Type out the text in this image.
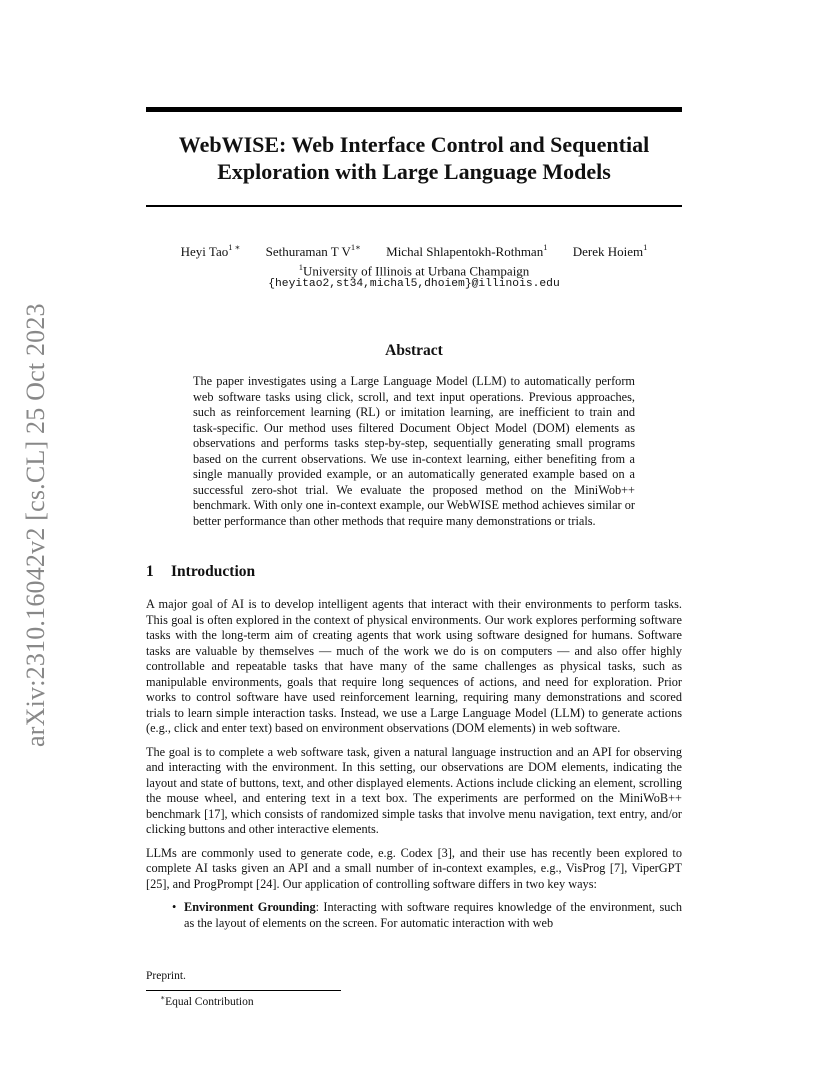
arXiv:2310.16042v2 [cs.CL] 25 Oct 2023
WebWISE: Web Interface Control and Sequential
Exploration with Large Language Models
Heyi Tao$^{1 ∗}$ Sethuraman T $V^{1∗}$ Michal Shlapentokh-Rothman$^1$ Derek Hoiem$^1$
$^1$University of Illinois at Urbana Champaign
{heyitao2,st34,michal5,dhoiem}@illinois.edu
Abstract
The paper investigates using a Large Language Model (LLM) to automatically perform web software tasks using click, scroll, and text input operations. Previous approaches, such as reinforcement learning (RL) or imitation learning, are inefficient to train and task-specific. Our method uses filtered Document Object Model (DOM) elements as observations and performs tasks step-by-step, sequentially generating small programs based on the current observations. We use in-context learning, either benefiting from a single manually provided example, or an automatically generated example based on a successful zero-shot trial. We evaluate the proposed method on the MiniWob++ benchmark. With only one in-context example, our WebWISE method achieves similar or better performance than other methods that require many demonstrations or trials.
1 Introduction

A major goal of AI is to develop intelligent agents that interact with their environments to perform tasks. This goal is often explored in the context of physical environments. Our work explores performing software tasks with the long-term aim of creating agents that work using software designed for humans. Software tasks are valuable by themselves — much of the work we do is on computers — and also offer highly controllable and repeatable tasks that have many of the same challenges as physical tasks, such as manipulable environments, goals that require long sequences of actions, and need for exploration. Prior works to control software have used reinforcement learning, requiring many demonstrations and scored trials to learn simple interaction tasks. Instead, we use a Large Language Model (LLM) to generate actions (e.g., click and enter text) based on environment observations (DOM elements) in web software.

The goal is to complete a web software task, given a natural language instruction and an API for observing and interacting with the environment. In this setting, our observations are DOM elements, indicating the layout and state of buttons, text, and other displayed elements. Actions include clicking an element, scrolling the mouse wheel, and entering text in a text box. The experiments are performed on the MiniWoB++ benchmark [17], which consists of randomized simple tasks that involve menu navigation, text entry, and/or clicking buttons and other interactive elements.

LLMs are commonly used to generate code, e.g. Codex [3], and their use has recently been explored to complete AI tasks given an API and a small number of in-context examples, e.g., VisProg [7], ViperGPT [25], and ProgPrompt [24]. Our application of controlling software differs in two key ways:

• Environment Grounding: Interacting with software requires knowledge of the environment, such as the layout of elements on the screen. For automatic interaction with web
Preprint.
∗Equal Contribution
